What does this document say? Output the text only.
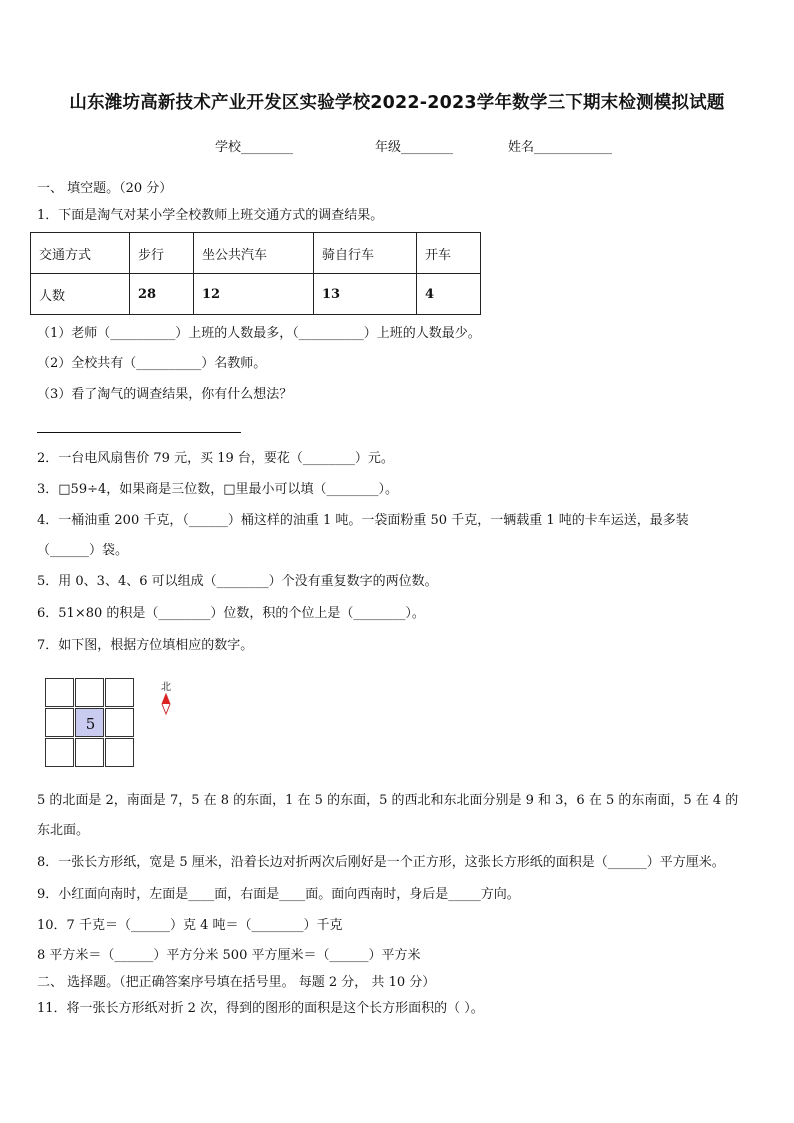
山东潍坊高新技术产业开发区实验学校2022-2023学年数学三下期末检测模拟试题
学校________	年级________	姓名____________
一、 填空题。（20 分）
1．下面是淘气对某小学全校教师上班交通方式的调查结果。
交通方式	步行	坐公共汽车	骑自行车	开车
人数	28	12	13	4
（1）老师（__________）上班的人数最多，（__________）上班的人数最少。
（2）全校共有（__________）名教师。
（3）看了淘气的调查结果，你有什么想法？
2．一台电风扇售价 79 元，买 19 台，要花（________）元。
3．□59÷4，如果商是三位数，□里最小可以填（________）。
4．一桶油重 200 千克，（______）桶这样的油重 1 吨。一袋面粉重 50 千克，一辆载重 1 吨的卡车运送，最多装
（______）袋。
5．用 0、3、4、6 可以组成（________）个没有重复数字的两位数。
6．51×80 的积是（________）位数，积的个位上是（________）。
7．如下图，根据方位填相应的数字。
5
北
5 的北面是 2，南面是 7，5 在 8 的东面，1 在 5 的东面，5 的西北和东北面分别是 9 和 3，6 在 5 的东南面，5 在 4 的
东北面。
8．一张长方形纸，宽是 5 厘米，沿着长边对折两次后刚好是一个正方形，这张长方形纸的面积是（______）平方厘米。
9．小红面向南时，左面是____面，右面是____面。面向西南时，身后是_____方向。
10．7 千克＝（______）克 4 吨＝（________）千克
8 平方米＝（______）平方分米 500 平方厘米＝（______）平方米
二、 选择题。（把正确答案序号填在括号里。 每题 2 分， 共 10 分）
11．将一张长方形纸对折 2 次，得到的图形的面积是这个长方形面积的（ ）。
